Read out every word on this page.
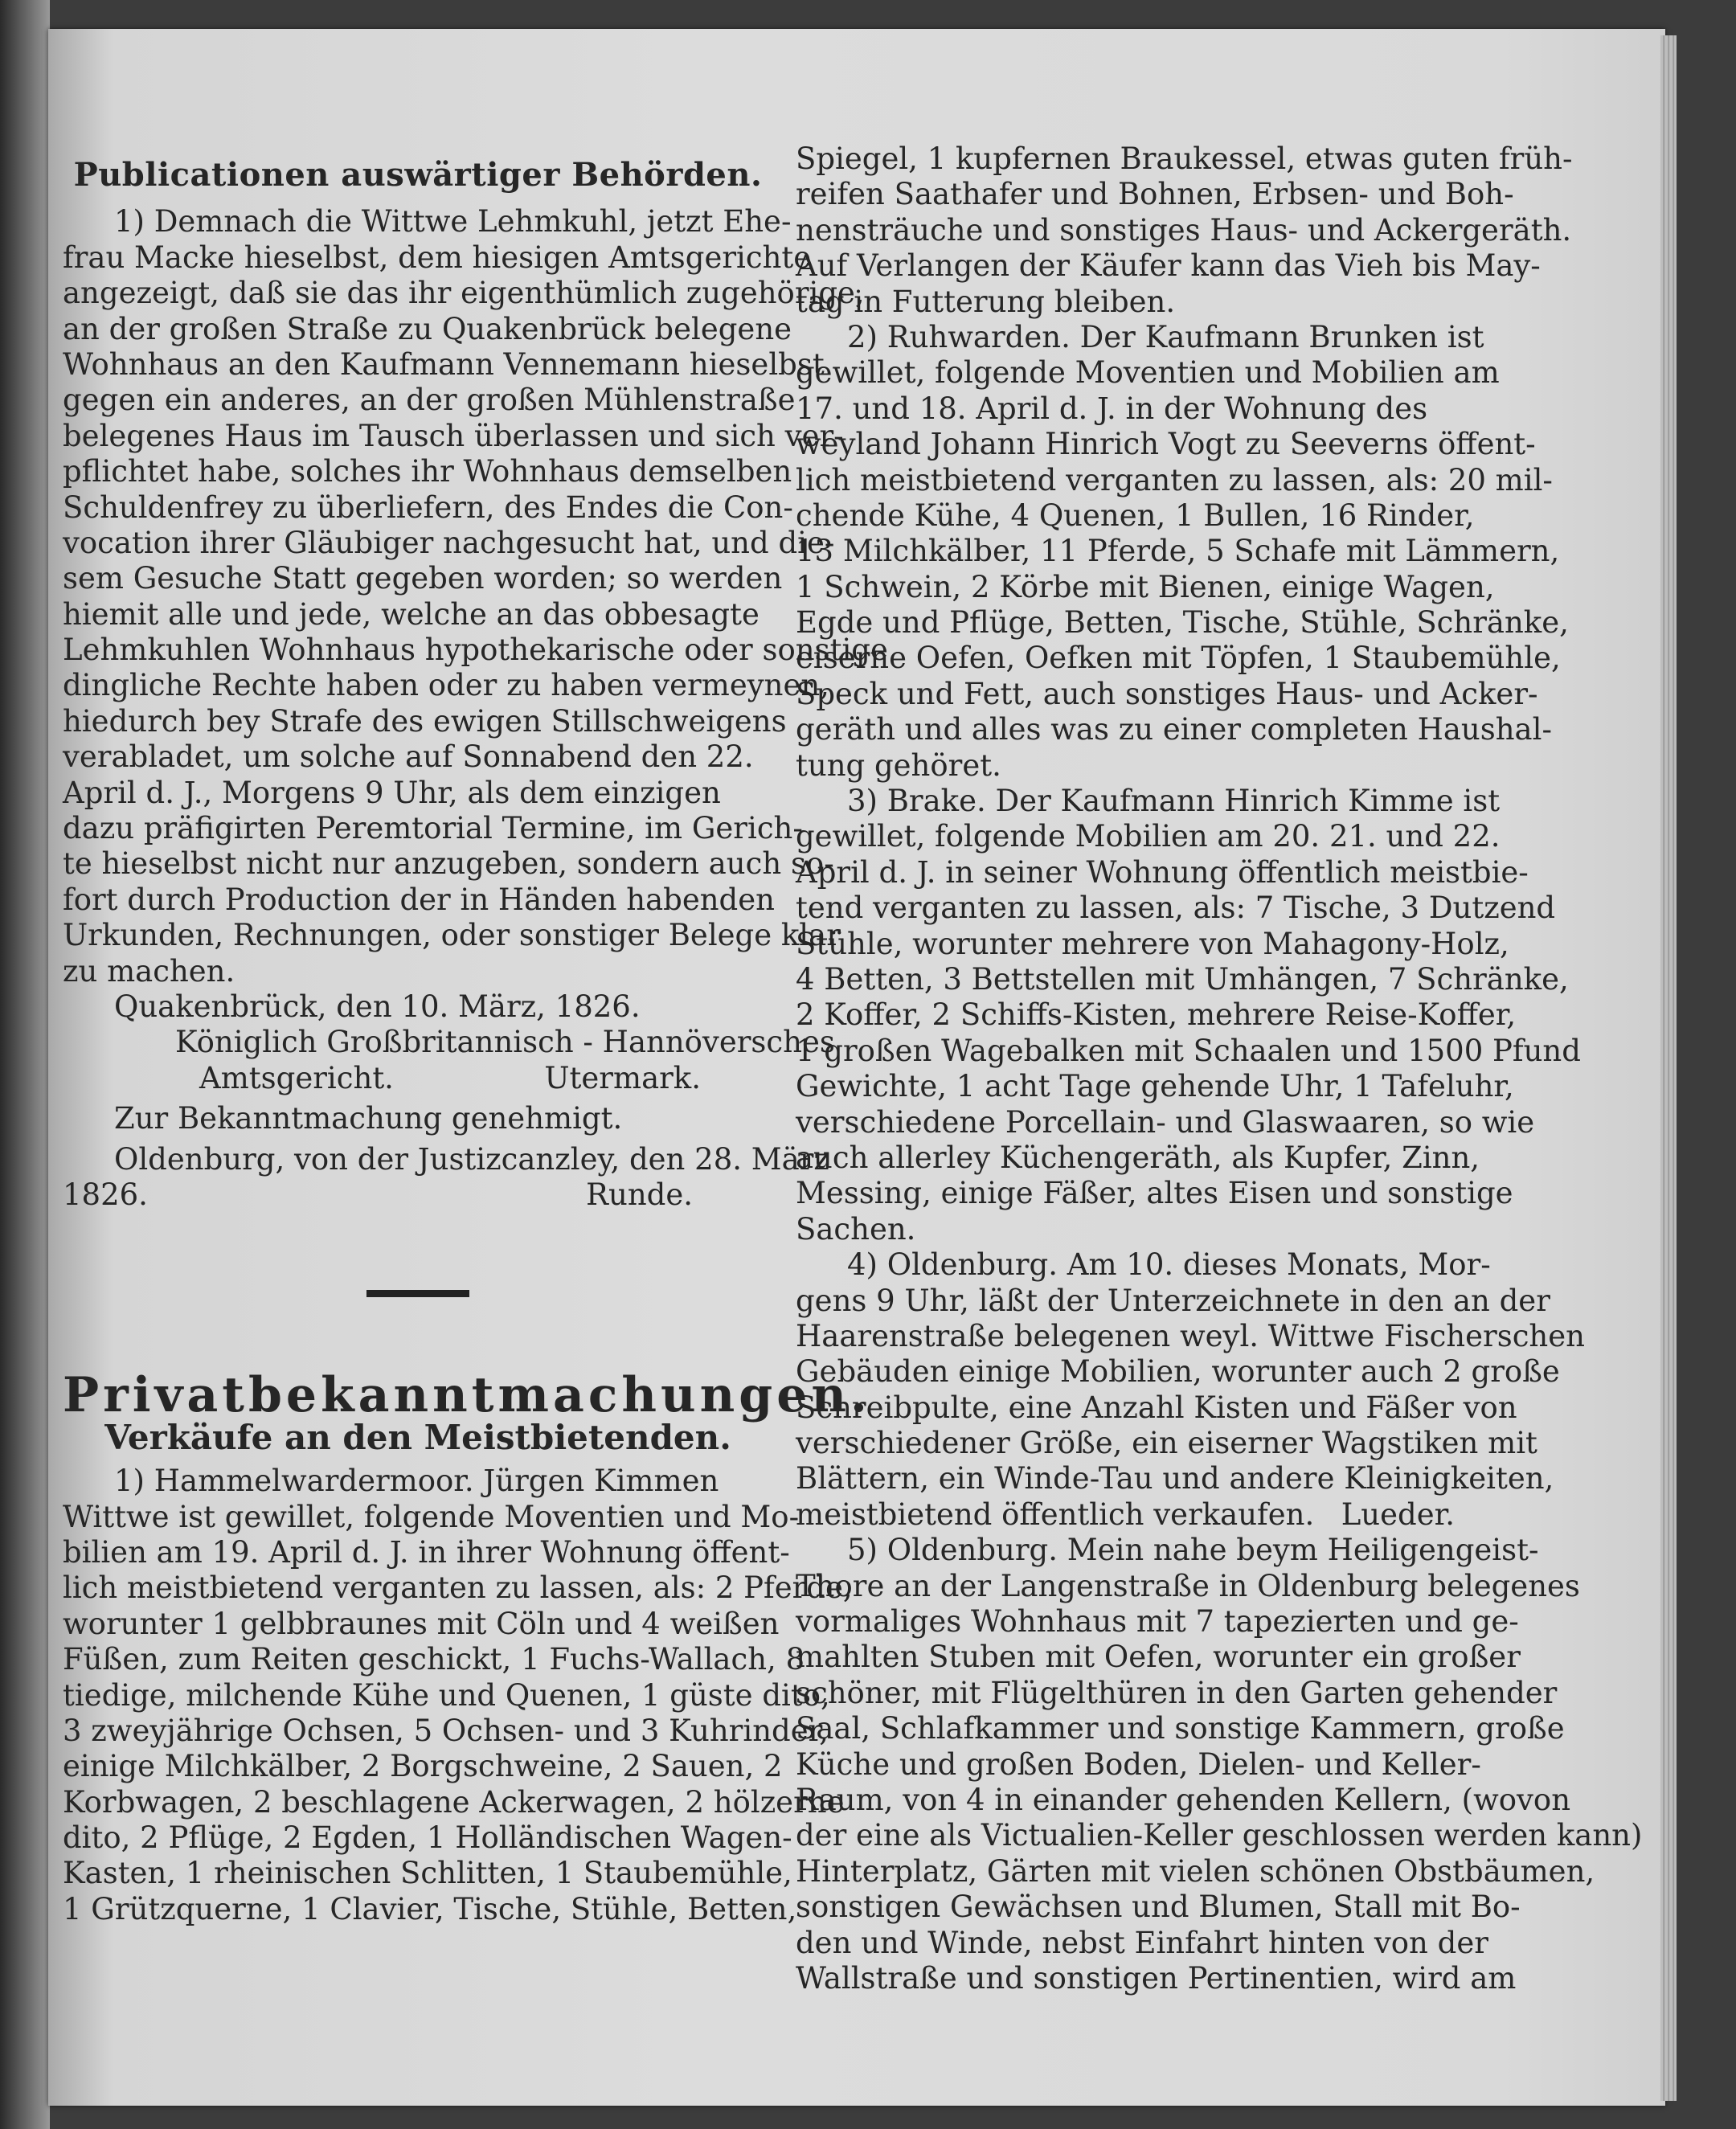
Publicationen auswärtiger Behörden.
1) Demnach die Wittwe Lehmkuhl, jetzt Ehe-
frau Macke hieselbst, dem hiesigen Amtsgerichte
angezeigt, daß sie das ihr eigenthümlich zugehörige,
an der großen Straße zu Quakenbrück belegene
Wohnhaus an den Kaufmann Vennemann hieselbst
gegen ein anderes, an der großen Mühlenstraße
belegenes Haus im Tausch überlassen und sich ver-
pflichtet habe, solches ihr Wohnhaus demselben
Schuldenfrey zu überliefern, des Endes die Con-
vocation ihrer Gläubiger nachgesucht hat, und die-
sem Gesuche Statt gegeben worden; so werden
hiemit alle und jede, welche an das obbesagte
Lehmkuhlen Wohnhaus hypothekarische oder sonstige
dingliche Rechte haben oder zu haben vermeynen,
hiedurch bey Strafe des ewigen Stillschweigens
verabladet, um solche auf Sonnabend den 22.
April d. J., Morgens 9 Uhr, als dem einzigen
dazu präfigirten Peremtorial Termine, im Gerich-
te hieselbst nicht nur anzugeben, sondern auch so-
fort durch Production der in Händen habenden
Urkunden, Rechnungen, oder sonstiger Belege klar
zu machen.
Quakenbrück, den 10. März, 1826.
Königlich Großbritannisch - Hannöversches
Amtsgericht.	Utermark.
Zur Bekanntmachung genehmigt.
Oldenburg, von der Justizcanzley, den 28. März
1826.	Runde.
Privatbekanntmachungen.
Verkäufe an den Meistbietenden.
1) Hammelwardermoor. Jürgen Kimmen
Wittwe ist gewillet, folgende Moventien und Mo-
bilien am 19. April d. J. in ihrer Wohnung öffent-
lich meistbietend verganten zu lassen, als: 2 Pferde,
worunter 1 gelbbraunes mit Cöln und 4 weißen
Füßen, zum Reiten geschickt, 1 Fuchs-Wallach, 8
tiedige, milchende Kühe und Quenen, 1 güste dito,
3 zweyjährige Ochsen, 5 Ochsen- und 3 Kuhrinder,
einige Milchkälber, 2 Borgschweine, 2 Sauen, 2
Korbwagen, 2 beschlagene Ackerwagen, 2 hölzerne
dito, 2 Pflüge, 2 Egden, 1 Holländischen Wagen-
Kasten, 1 rheinischen Schlitten, 1 Staubemühle,
1 Grützquerne, 1 Clavier, Tische, Stühle, Betten,
Spiegel, 1 kupfernen Braukessel, etwas guten früh-
reifen Saathafer und Bohnen, Erbsen- und Boh-
nensträuche und sonstiges Haus- und Ackergeräth.
Auf Verlangen der Käufer kann das Vieh bis May-
tag in Futterung bleiben.
2) Ruhwarden. Der Kaufmann Brunken ist
gewillet, folgende Moventien und Mobilien am
17. und 18. April d. J. in der Wohnung des
weyland Johann Hinrich Vogt zu Seeverns öffent-
lich meistbietend verganten zu lassen, als: 20 mil-
chende Kühe, 4 Quenen, 1 Bullen, 16 Rinder,
13 Milchkälber, 11 Pferde, 5 Schafe mit Lämmern,
1 Schwein, 2 Körbe mit Bienen, einige Wagen,
Egde und Pflüge, Betten, Tische, Stühle, Schränke,
eiserne Oefen, Oefken mit Töpfen, 1 Staubemühle,
Speck und Fett, auch sonstiges Haus- und Acker-
geräth und alles was zu einer completen Haushal-
tung gehöret.
3) Brake. Der Kaufmann Hinrich Kimme ist
gewillet, folgende Mobilien am 20. 21. und 22.
April d. J. in seiner Wohnung öffentlich meistbie-
tend verganten zu lassen, als: 7 Tische, 3 Dutzend
Stühle, worunter mehrere von Mahagony-Holz,
4 Betten, 3 Bettstellen mit Umhängen, 7 Schränke,
2 Koffer, 2 Schiffs-Kisten, mehrere Reise-Koffer,
1 großen Wagebalken mit Schaalen und 1500 Pfund
Gewichte, 1 acht Tage gehende Uhr, 1 Tafeluhr,
verschiedene Porcellain- und Glaswaaren, so wie
auch allerley Küchengeräth, als Kupfer, Zinn,
Messing, einige Fäßer, altes Eisen und sonstige
Sachen.
4) Oldenburg. Am 10. dieses Monats, Mor-
gens 9 Uhr, läßt der Unterzeichnete in den an der
Haarenstraße belegenen weyl. Wittwe Fischerschen
Gebäuden einige Mobilien, worunter auch 2 große
Schreibpulte, eine Anzahl Kisten und Fäßer von
verschiedener Größe, ein eiserner Wagstiken mit
Blättern, ein Winde-Tau und andere Kleinigkeiten,
meistbietend öffentlich verkaufen. Lueder.
5) Oldenburg. Mein nahe beym Heiligengeist-
Thore an der Langenstraße in Oldenburg belegenes
vormaliges Wohnhaus mit 7 tapezierten und ge-
mahlten Stuben mit Oefen, worunter ein großer
schöner, mit Flügelthüren in den Garten gehender
Saal, Schlafkammer und sonstige Kammern, große
Küche und großen Boden, Dielen- und Keller-
Raum, von 4 in einander gehenden Kellern, (wovon
der eine als Victualien-Keller geschlossen werden kann)
Hinterplatz, Gärten mit vielen schönen Obstbäumen,
sonstigen Gewächsen und Blumen, Stall mit Bo-
den und Winde, nebst Einfahrt hinten von der
Wallstraße und sonstigen Pertinentien, wird am
